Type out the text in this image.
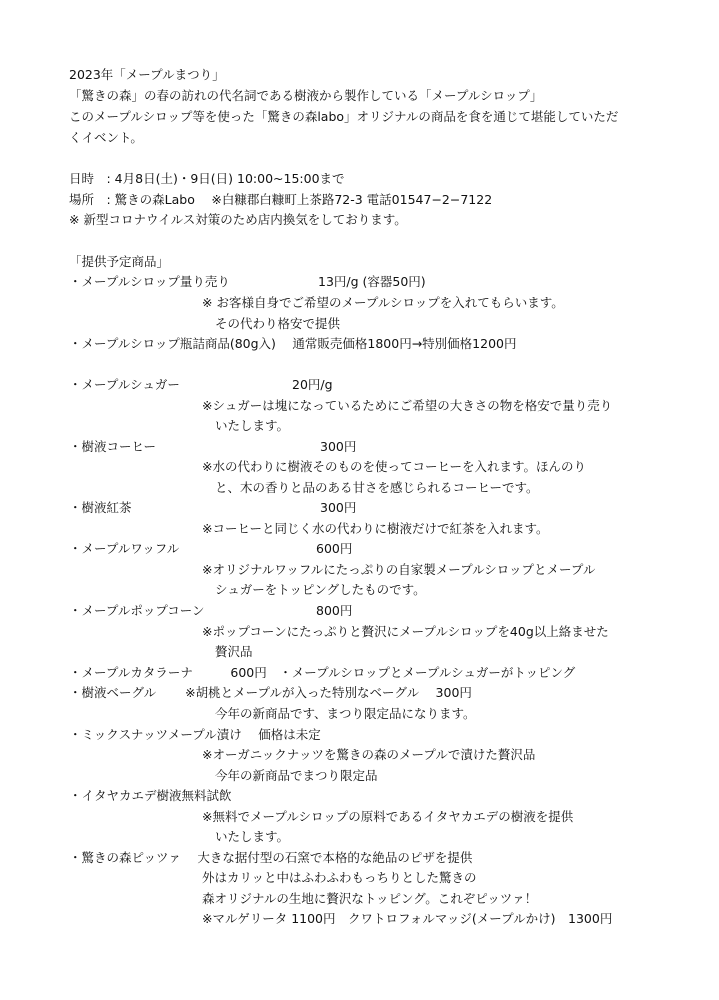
2023年「メープルまつり」
「驚きの森」の春の訪れの代名詞である樹液から製作している「メープルシロップ」
このメープルシロップ等を使った「驚きの森labo」オリジナルの商品を食を通じて堪能していただ
くイベント。
日時　: 4月8日(土)・9日(日) 10:00~15:00まで
場所　: 驚きの森Labo　 ※白糠郡白糠町上茶路72-3 電話01547−2−7122
※ 新型コロナウイルス対策のため店内換気をしております。
「提供予定商品」
・メープルシロップ量り売り	13円/g (容器50円)
※ お客様自身でご希望のメープルシロップを入れてもらいます。
その代わり格安で提供
・メープルシロップ瓶詰商品(80g入)　 通常販売価格1800円→特別価格1200円
・メープルシュガー	20円/g
※シュガーは塊になっているためにご希望の大きさの物を格安で量り売り
いたします。
・樹液コーヒー	300円
※水の代わりに樹液そのものを使ってコーヒーを入れます。ほんのり
と、木の香りと品のある甘さを感じられるコーヒーです。
・樹液紅茶	300円
※コーヒーと同じく水の代わりに樹液だけで紅茶を入れます。
・メープルワッフル	600円
※オリジナルワッフルにたっぷりの自家製メープルシロップとメープル
シュガーをトッピングしたものです。
・メープルポップコーン	800円
※ポップコーンにたっぷりと贅沢にメープルシロップを40g以上絡ませた
贅沢品
・メープルカタラーナ　　　600円　・メープルシロップとメープルシュガーがトッピング
・樹液ベーグル　　 ※胡桃とメープルが入った特別なベーグル　 300円
今年の新商品です、まつり限定品になります。
・ミックスナッツメープル漬け　 価格は未定
※オーガニックナッツを驚きの森のメープルで漬けた贅沢品
今年の新商品でまつり限定品
・イタヤカエデ樹液無料試飲
※無料でメープルシロップの原料であるイタヤカエデの樹液を提供
いたします。
・驚きの森ピッツァ　 大きな据付型の石窯で本格的な絶品のピザを提供
外はカリッと中はふわふわもっちりとした驚きの
森オリジナルの生地に贅沢なトッピング。これぞピッツァ！
※マルゲリータ 1100円　クワトロフォルマッジ(メープルかけ)　1300円
